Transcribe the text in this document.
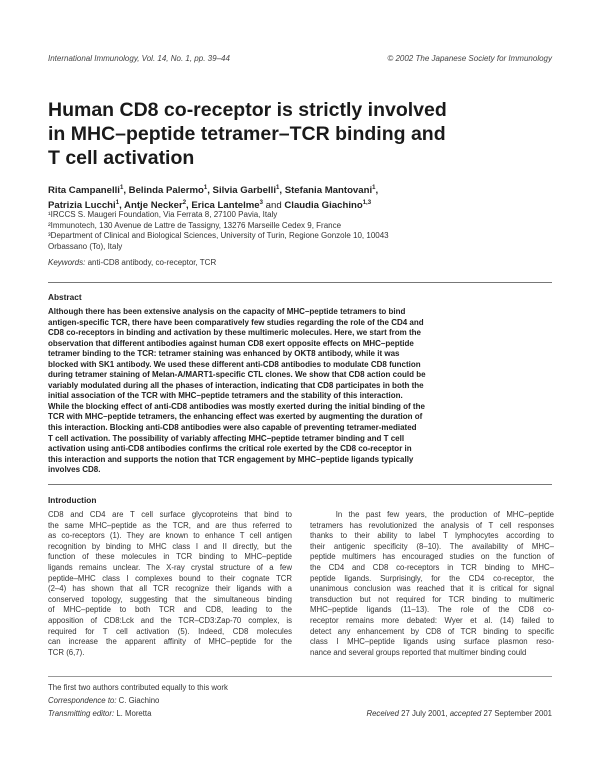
International Immunology, Vol. 14, No. 1, pp. 39–44	© 2002 The Japanese Society for Immunology
Human CD8 co-receptor is strictly involved
in MHC–peptide tetramer–TCR binding and
T cell activation
Rita Campanelli$^1$, Belinda Palermo$^1$, Silvia Garbelli$^1$, Stefania Mantovani$^1$,
Patrizia Lucchi$^1$, Antje Necker$^2$, Erica Lantelme$^3$ and Claudia Giachino$^{1,3}$
¹IRCCS S. Maugeri Foundation, Via Ferrata 8, 27100 Pavia, Italy
²Immunotech, 130 Avenue de Lattre de Tassigny, 13276 Marseille Cedex 9, France
³Department of Clinical and Biological Sciences, University of Turin, Regione Gonzole 10, 10043
Orbassano (To), Italy
Keywords: anti-CD8 antibody, co-receptor, TCR
Abstract
Although there has been extensive analysis on the capacity of MHC–peptide tetramers to bind
antigen-specific TCR, there have been comparatively few studies regarding the role of the CD4 and
CD8 co-receptors in binding and activation by these multimeric molecules. Here, we start from the
observation that different antibodies against human CD8 exert opposite effects on MHC–peptide
tetramer binding to the TCR: tetramer staining was enhanced by OKT8 antibody, while it was
blocked with SK1 antibody. We used these different anti-CD8 antibodies to modulate CD8 function
during tetramer staining of Melan-A/MART1-specific CTL clones. We show that CD8 action could be
variably modulated during all the phases of interaction, indicating that CD8 participates in both the
initial association of the TCR with MHC–peptide tetramers and the stability of this interaction.
While the blocking effect of anti-CD8 antibodies was mostly exerted during the initial binding of the
TCR with MHC–peptide tetramers, the enhancing effect was exerted by augmenting the duration of
this interaction. Blocking anti-CD8 antibodies were also capable of preventing tetramer-mediated
T cell activation. The possibility of variably affecting MHC–peptide tetramer binding and T cell
activation using anti-CD8 antibodies confirms the critical role exerted by the CD8 co-receptor in
this interaction and supports the notion that TCR engagement by MHC–peptide ligands typically
involves CD8.
Introduction
CD8 and CD4 are T cell surface glycoproteins that bind to
the same MHC–peptide as the TCR, and are thus referred to
as co-receptors (1). They are known to enhance T cell antigen
recognition by binding to MHC class I and II directly, but the
function of these molecules in TCR binding to MHC–peptide
ligands remains unclear. The X-ray crystal structure of a few
peptide–MHC class I complexes bound to their cognate TCR
(2–4) has shown that all TCR recognize their ligands with a
conserved topology, suggesting that the simultaneous binding
of MHC–peptide to both TCR and CD8, leading to the
apposition of CD8:Lck and the TCR–CD3:Zap-70 complex, is
required for T cell activation (5). Indeed, CD8 molecules
can increase the apparent affinity of MHC–peptide for the
TCR (6,7).
In the past few years, the production of MHC–peptide
tetramers has revolutionized the analysis of T cell responses
thanks to their ability to label T lymphocytes according to
their antigenic specificity (8–10). The availability of MHC–
peptide multimers has encouraged studies on the function of
the CD4 and CD8 co-receptors in TCR binding to MHC–
peptide ligands. Surprisingly, for the CD4 co-receptor, the
unanimous conclusion was reached that it is critical for signal
transduction but not required for TCR binding to multimeric
MHC–peptide ligands (11–13). The role of the CD8 co-
receptor remains more debated: Wyer et al. (14) failed to
detect any enhancement by CD8 of TCR binding to specific
class I MHC–peptide ligands using surface plasmon reso-
nance and several groups reported that multimer binding could
The first two authors contributed equally to this work
Correspondence to: C. Giachino
Transmitting editor: L. Moretta	Received 27 July 2001, accepted 27 September 2001
